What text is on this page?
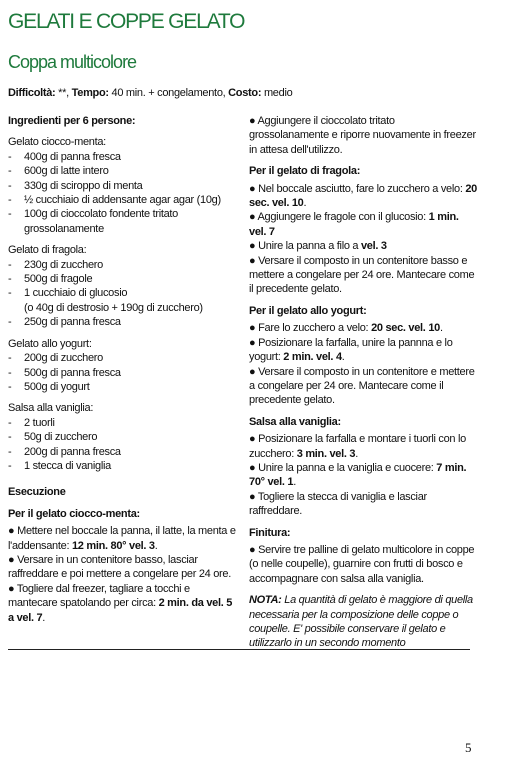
GELATI E COPPE GELATO
Coppa multicolore
Difficoltà: **, Tempo: 40 min. + congelamento, Costo: medio
Ingredienti per 6 persone:
Gelato ciocco-menta:
-	400g di panna fresca
-	600g di latte intero
-	330g di sciroppo di menta
-	½ cucchiaio di addensante agar agar (10g)
-	100g di cioccolato fondente tritato
grossolanamente
Gelato di fragola:
-	230g di zucchero
-	500g di fragole
-	1 cucchiaio di glucosio
(o 40g di destrosio + 190g di zucchero)
-	250g di panna fresca
Gelato allo yogurt:
-	200g di zucchero
-	500g di panna fresca
-	500g di yogurt
Salsa alla vaniglia:
-	2 tuorli
-	50g di zucchero
-	200g di panna fresca
-	1 stecca di vaniglia
Esecuzione
Per il gelato ciocco-menta:
● Mettere nel boccale la panna, il latte, la menta e l'addensante: 12 min. 80° vel. 3.
● Versare in un contenitore basso, lasciar raffreddare e poi mettere a congelare per 24 ore.
● Togliere dal freezer, tagliare a tocchi e mantecare spatolando per circa: 2 min. da vel. 5 a vel. 7.
● Aggiungere il cioccolato tritato grossolanamente e riporre nuovamente in freezer in attesa dell'utilizzo.
Per il gelato di fragola:
● Nel boccale asciutto, fare lo zucchero a velo: 20 sec. vel. 10.
● Aggiungere le fragole con il glucosio: 1 min. vel. 7
● Unire la panna a filo a vel. 3
● Versare il composto in un contenitore basso e mettere a congelare per 24 ore. Mantecare come il precedente gelato.
Per il gelato allo yogurt:
● Fare lo zucchero a velo: 20 sec. vel. 10.
● Posizionare la farfalla, unire la pannna e lo yogurt: 2 min. vel. 4.
● Versare il composto in un contenitore e mettere a congelare per 24 ore. Mantecare come il precedente gelato.
Salsa alla vaniglia:
● Posizionare la farfalla e montare i tuorli con lo zucchero: 3 min. vel. 3.
● Unire la panna e la vaniglia e cuocere: 7 min. 70° vel. 1.
● Togliere la stecca di vaniglia e lasciar raffreddare.
Finitura:
● Servire tre palline di gelato multicolore in coppe (o nelle coupelle), guarnire con frutti di bosco e accompagnare con salsa alla vaniglia.
NOTA: La quantità di gelato è maggiore di quella necessaria per la composizione delle coppe o coupelle. E' possibile conservare il gelato e utilizzarlo in un secondo momento
5
